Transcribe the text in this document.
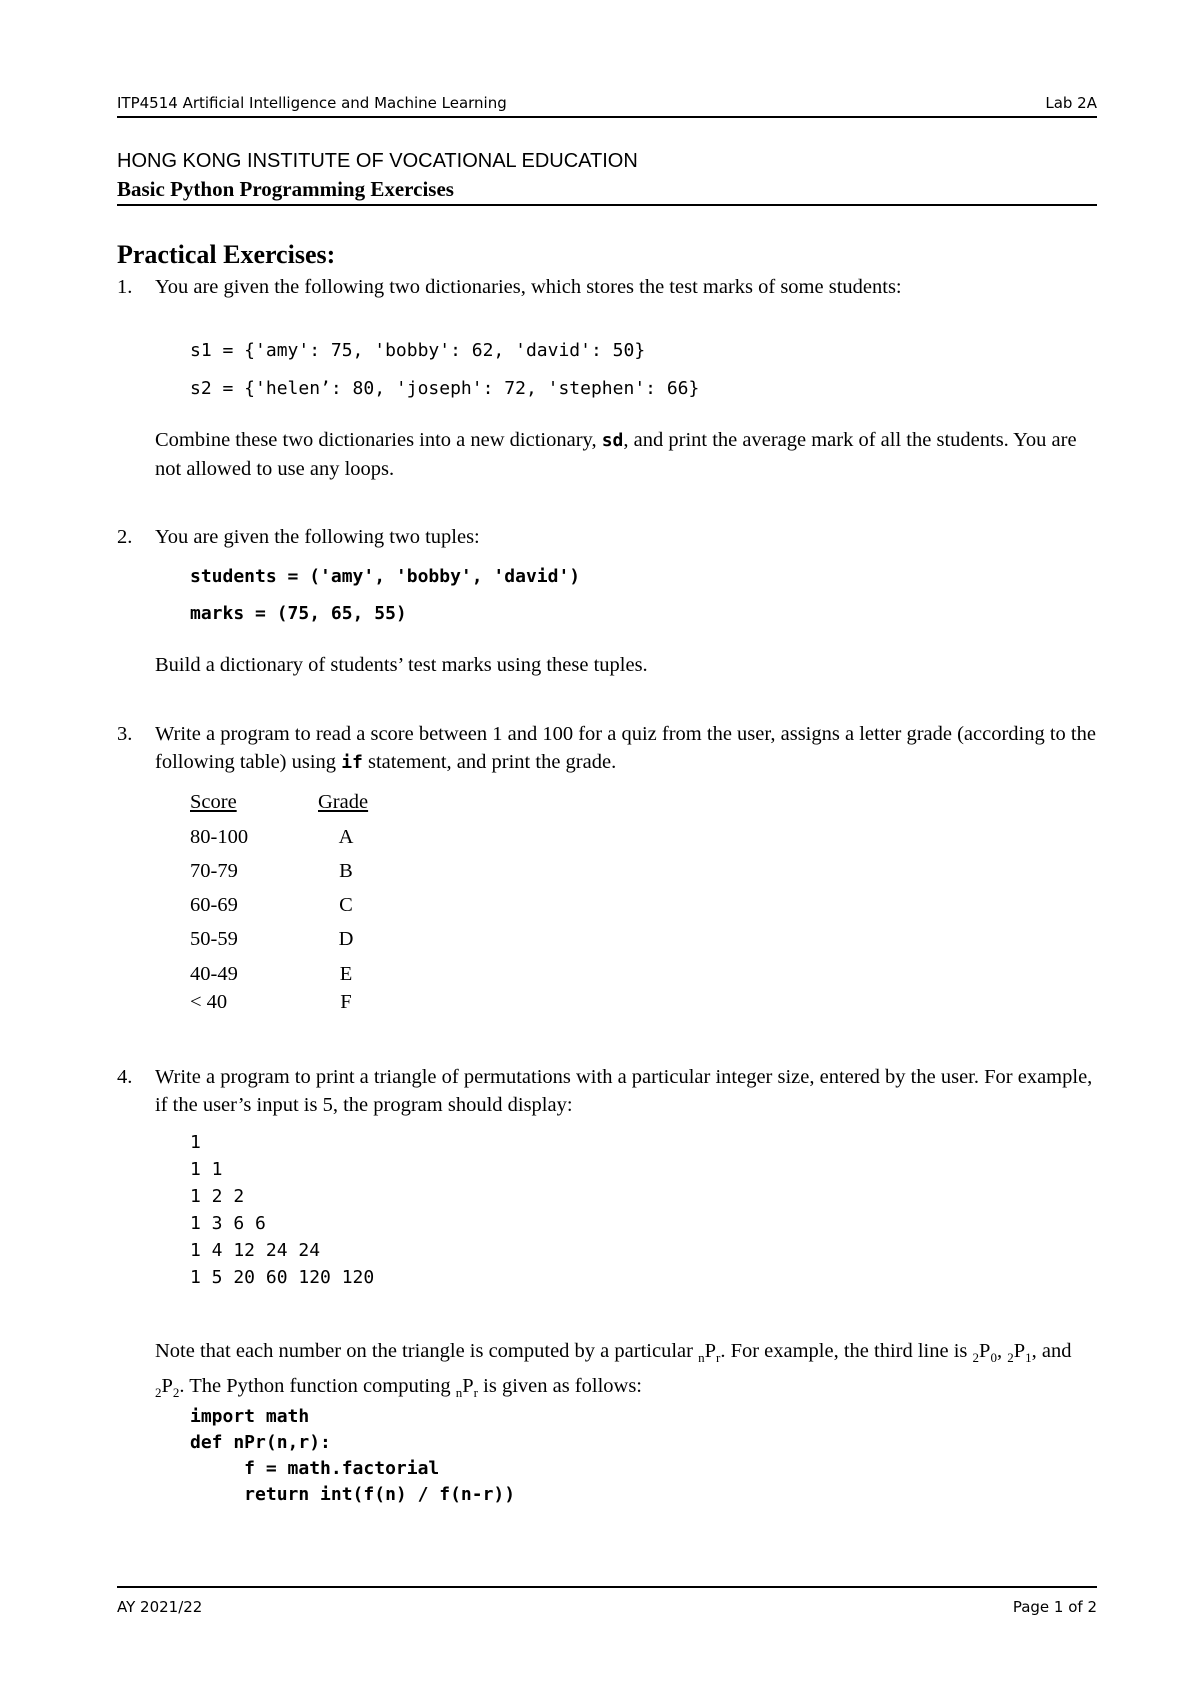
ITP4514 Artificial Intelligence and Machine Learning	Lab 2A
HONG KONG INSTITUTE OF VOCATIONAL EDUCATION
Basic Python Programming Exercises
Practical Exercises:
1. You are given the following two dictionaries, which stores the test marks of some students:
s1 = {'amy': 75, 'bobby': 62, 'david': 50}
s2 = {'helen’: 80, 'joseph': 72, 'stephen': 66}
Combine these two dictionaries into a new dictionary, sd, and print the average mark of all the students. You are not allowed to use any loops.
2. You are given the following two tuples:
students = ('amy', 'bobby', 'david')
marks = (75, 65, 55)
Build a dictionary of students’ test marks using these tuples.
3. Write a program to read a score between 1 and 100 for a quiz from the user, assigns a letter grade (according to the following table) using if statement, and print the grade.
Score	Grade
80-100	A
70-79	B
60-69	C
50-59	D
40-49	E
< 40	F
4. Write a program to print a triangle of permutations with a particular integer size, entered by the user. For example, if the user’s input is 5, the program should display:
1
1 1
1 2 2
1 3 6 6
1 4 12 24 24
1 5 20 60 120 120
Note that each number on the triangle is computed by a particular $_nP_r$. For example, the third line is $_2P_0$, $_2P_1$, and $_2P_2$. The Python function computing $_nP_r$ is given as follows:
import math
def nPr(n,r):
f = math.factorial
return int(f(n) / f(n-r))
AY 2021/22	Page 1 of 2
